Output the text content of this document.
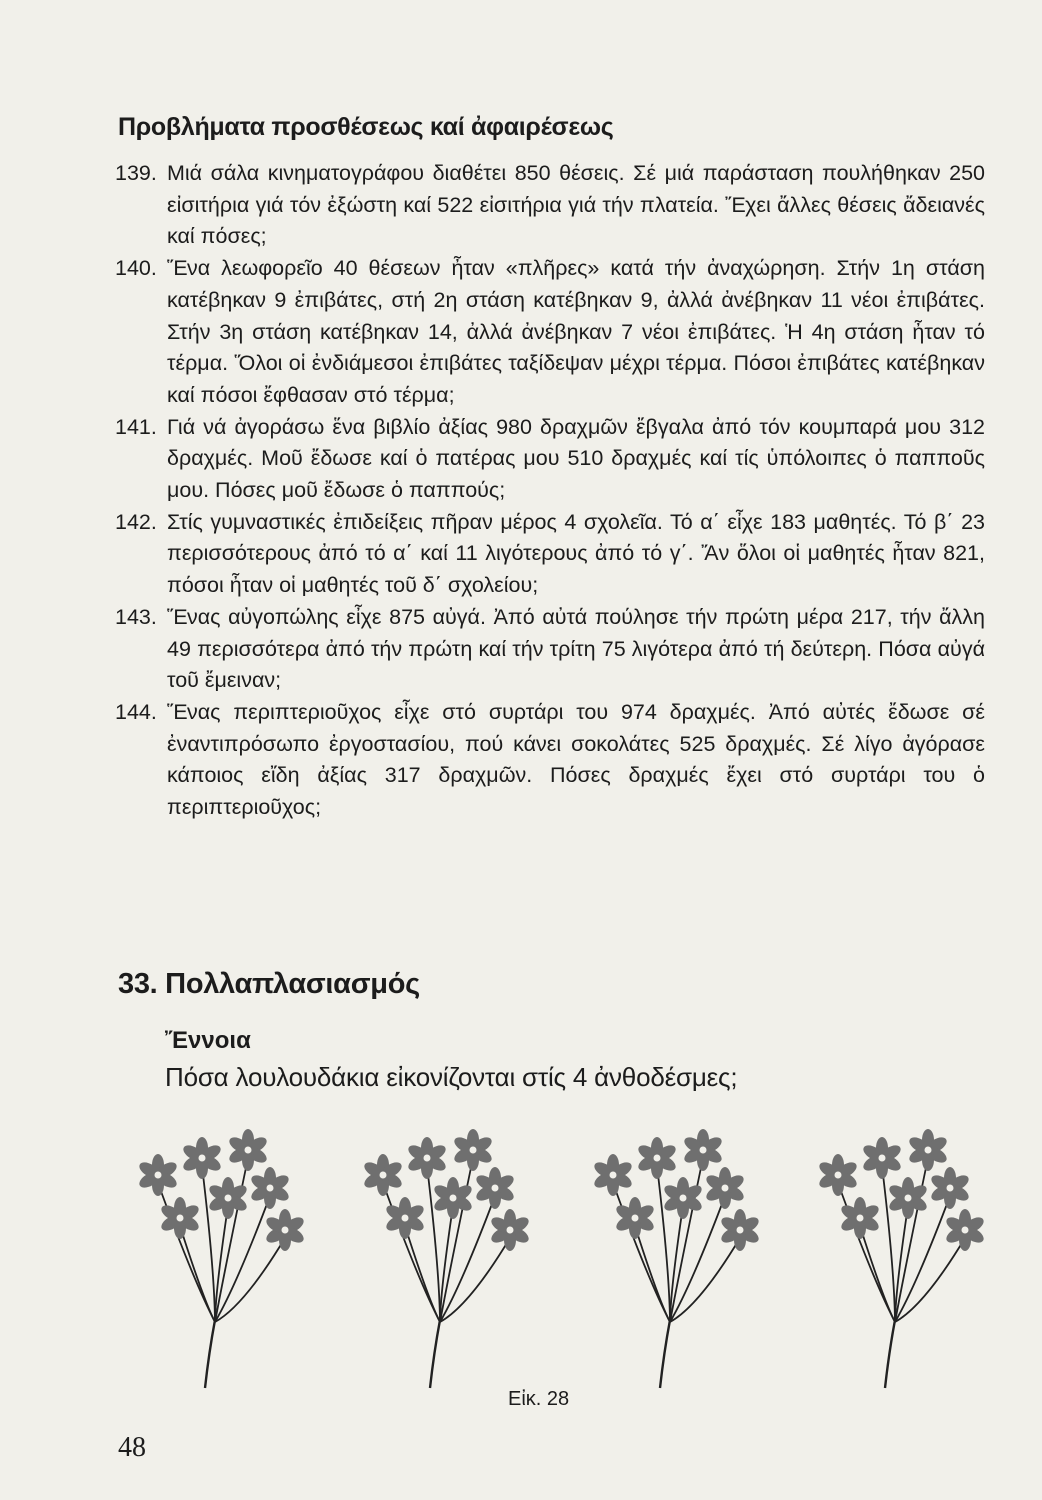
Προβλήματα προσθέσεως καί ἀφαιρέσεως
139. Μιά σάλα κινηματογράφου διαθέτει 850 θέσεις. Σέ μιά παράσταση πουλήθηκαν 250 εἰσιτήρια γιά τόν ἐξώστη καί 522 εἰσιτήρια γιά τήν πλατεία. Ἔχει ἄλλες θέσεις ἄδειανές καί πόσες;
140. Ἕνα λεωφορεῖο 40 θέσεων ἦταν «πλῆρες» κατά τήν ἀναχώρηση. Στήν 1η στάση κατέβηκαν 9 ἐπιβάτες, στή 2η στάση κατέβηκαν 9, ἀλλά ἀνέβηκαν 11 νέοι ἐπιβάτες. Στήν 3η στάση κατέβηκαν 14, ἀλλά ἀνέβηκαν 7 νέοι ἐπιβάτες. Ἡ 4η στάση ἦταν τό τέρμα. Ὅλοι οἱ ἐνδιάμεσοι ἐπιβάτες ταξίδεψαν μέχρι τέρμα. Πόσοι ἐπιβάτες κατέβηκαν καί πόσοι ἔφθασαν στό τέρμα;
141. Γιά νά ἀγοράσω ἕνα βιβλίο ἀξίας 980 δραχμῶν ἔβγαλα ἀπό τόν κουμπαρά μου 312 δραχμές. Μοῦ ἔδωσε καί ὁ πατέρας μου 510 δραχμές καί τίς ὑπόλοιπες ὁ παπποῦς μου. Πόσες μοῦ ἔδωσε ὁ παππούς;
142. Στίς γυμναστικές ἐπιδείξεις πῆραν μέρος 4 σχολεῖα. Τό α΄ εἶχε 183 μαθητές. Τό β΄ 23 περισσότερους ἀπό τό α΄ καί 11 λιγότερους ἀπό τό γ΄. Ἄν ὅλοι οἱ μαθητές ἦταν 821, πόσοι ἦταν οἱ μαθητές τοῦ δ΄ σχολείου;
143. Ἕνας αὐγοπώλης εἶχε 875 αὐγά. Ἀπό αὐτά πούλησε τήν πρώτη μέρα 217, τήν ἄλλη 49 περισσότερα ἀπό τήν πρώτη καί τήν τρίτη 75 λιγότερα ἀπό τή δεύτερη. Πόσα αὐγά τοῦ ἔμειναν;
144. Ἕνας περιπτεριοῦχος εἶχε στό συρτάρι του 974 δραχμές. Ἀπό αὐτές ἔδωσε σέ ἐναντιπρόσωπο ἐργοστασίου, πού κάνει σοκολάτες 525 δραχμές. Σέ λίγο ἀγόρασε κάποιος εἴδη ἀξίας 317 δραχμῶν. Πόσες δραχμές ἔχει στό συρτάρι του ὁ περιπτεριοῦχος;
33. Πολλαπλασιασμός
Ἔννοια
Πόσα λουλουδάκια εἰκονίζονται στίς 4 ἀνθοδέσμες;
Εἰκ. 28
48
